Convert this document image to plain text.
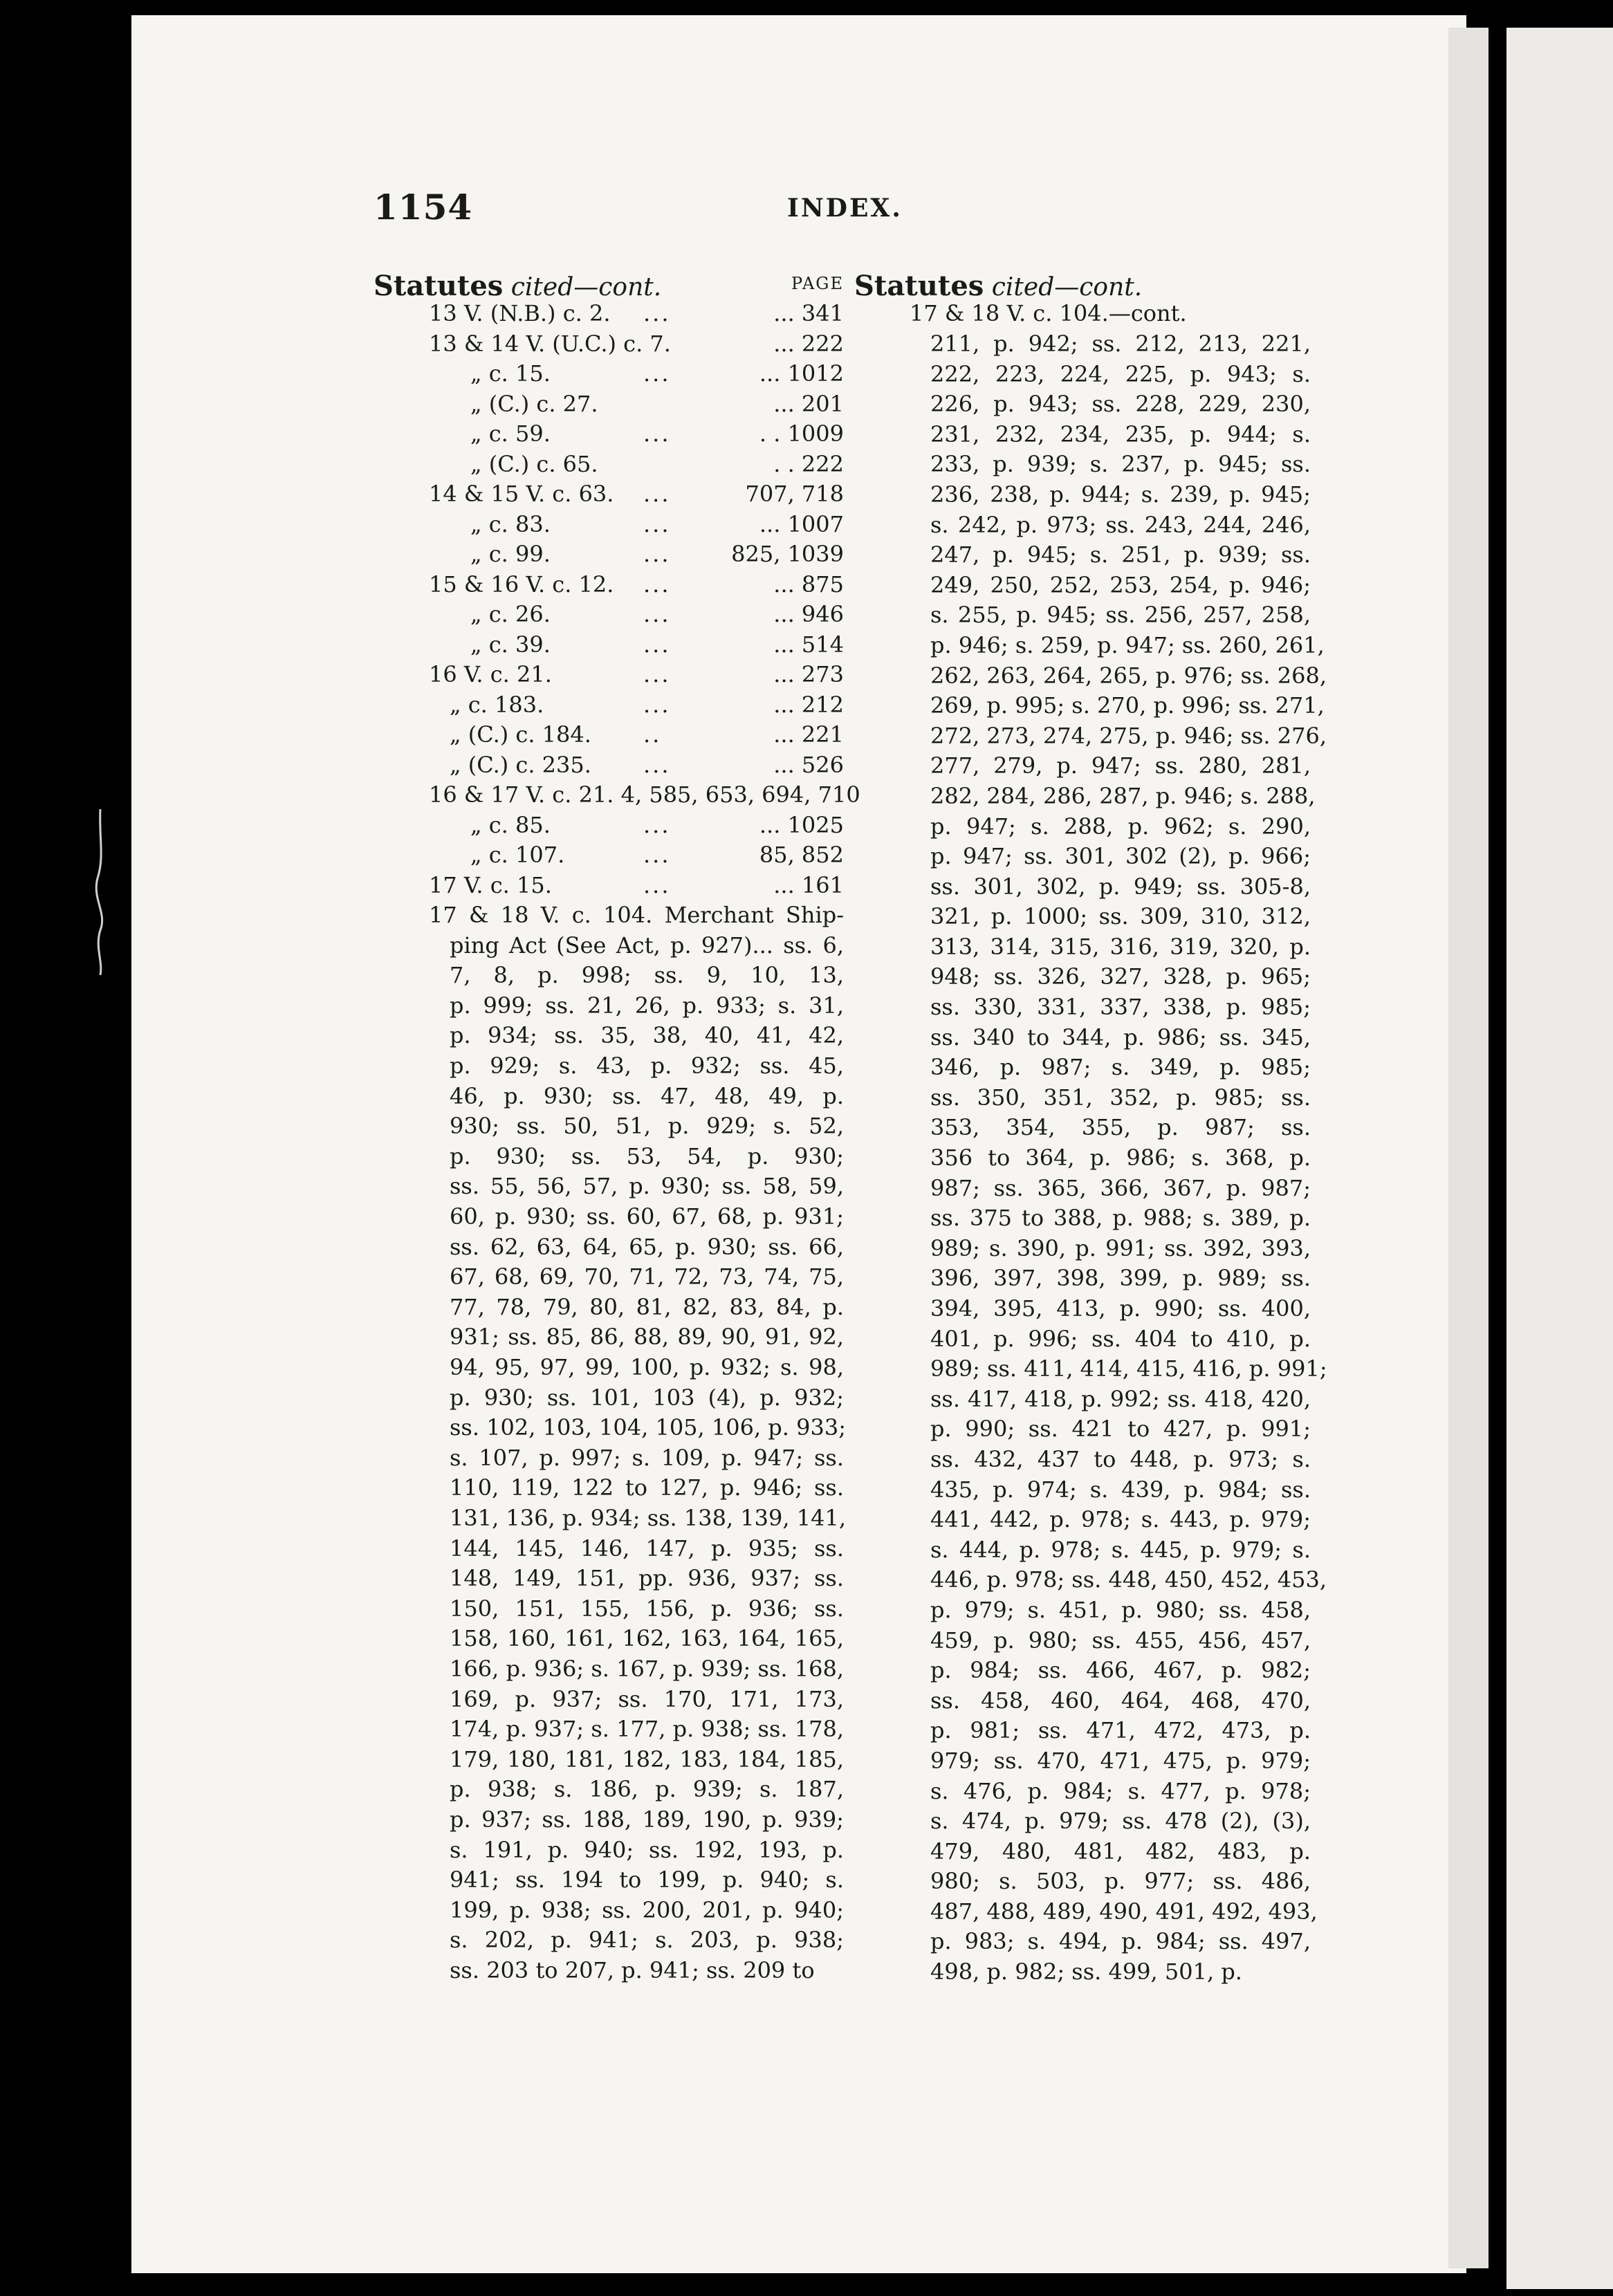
1154	INDEX.
Statutes cited—cont.	PAGE
13 V. (N.B.) c. 2. ...	... 341
13 & 14 V. (U.C.) c. 7.	... 222
„ c. 15.	...	... 1012
„ (C.) c. 27.	... 201
„ c. 59.	...	. . 1009
„ (C.) c. 65.	. . 222
14 & 15 V. c. 63. ...	707, 718
„ c. 83.	...	... 1007
„ c. 99.	...	825, 1039
15 & 16 V. c. 12. ...	... 875
„ c. 26.	...	... 946
„ c. 39.	...	... 514
16 V. c. 21.	...	... 273
„ c. 183.	...	... 212
„ (C.) c. 184. ..	... 221
„ (C.) c. 235. ...	... 526
16 & 17 V. c. 21. 4, 585, 653, 694, 710
„ c. 85.	...	... 1025
„ c. 107.	...	85, 852
17 V. c. 15.	...	... 161
17 & 18 V. c. 104. Merchant Ship-
ping Act (See Act, p. 927)... ss. 6,
7, 8, p. 998; ss. 9, 10, 13,
p. 999; ss. 21, 26, p. 933; s. 31,
p. 934; ss. 35, 38, 40, 41, 42,
p. 929; s. 43, p. 932; ss. 45,
46, p. 930; ss. 47, 48, 49, p.
930; ss. 50, 51, p. 929; s. 52,
p. 930; ss. 53, 54, p. 930;
ss. 55, 56, 57, p. 930; ss. 58, 59,
60, p. 930; ss. 60, 67, 68, p. 931;
ss. 62, 63, 64, 65, p. 930; ss. 66,
67, 68, 69, 70, 71, 72, 73, 74, 75,
77, 78, 79, 80, 81, 82, 83, 84, p.
931; ss. 85, 86, 88, 89, 90, 91, 92,
94, 95, 97, 99, 100, p. 932; s. 98,
p. 930; ss. 101, 103 (4), p. 932;
ss. 102, 103, 104, 105, 106, p. 933;
s. 107, p. 997; s. 109, p. 947; ss.
110, 119, 122 to 127, p. 946; ss.
131, 136, p. 934; ss. 138, 139, 141,
144, 145, 146, 147, p. 935; ss.
148, 149, 151, pp. 936, 937; ss.
150, 151, 155, 156, p. 936; ss.
158, 160, 161, 162, 163, 164, 165,
166, p. 936; s. 167, p. 939; ss. 168,
169, p. 937; ss. 170, 171, 173,
174, p. 937; s. 177, p. 938; ss. 178,
179, 180, 181, 182, 183, 184, 185,
p. 938; s. 186, p. 939; s. 187,
p. 937; ss. 188, 189, 190, p. 939;
s. 191, p. 940; ss. 192, 193, p.
941; ss. 194 to 199, p. 940; s.
199, p. 938; ss. 200, 201, p. 940;
s. 202, p. 941; s. 203, p. 938;
ss. 203 to 207, p. 941; ss. 209 to
Statutes cited—cont.
17 & 18 V. c. 104.—cont.
211, p. 942; ss. 212, 213, 221,
222, 223, 224, 225, p. 943; s.
226, p. 943; ss. 228, 229, 230,
231, 232, 234, 235, p. 944; s.
233, p. 939; s. 237, p. 945; ss.
236, 238, p. 944; s. 239, p. 945;
s. 242, p. 973; ss. 243, 244, 246,
247, p. 945; s. 251, p. 939; ss.
249, 250, 252, 253, 254, p. 946;
s. 255, p. 945; ss. 256, 257, 258,
p. 946; s. 259, p. 947; ss. 260, 261,
262, 263, 264, 265, p. 976; ss. 268,
269, p. 995; s. 270, p. 996; ss. 271,
272, 273, 274, 275, p. 946; ss. 276,
277, 279, p. 947; ss. 280, 281,
282, 284, 286, 287, p. 946; s. 288,
p. 947; s. 288, p. 962; s. 290,
p. 947; ss. 301, 302 (2), p. 966;
ss. 301, 302, p. 949; ss. 305-8,
321, p. 1000; ss. 309, 310, 312,
313, 314, 315, 316, 319, 320, p.
948; ss. 326, 327, 328, p. 965;
ss. 330, 331, 337, 338, p. 985;
ss. 340 to 344, p. 986; ss. 345,
346, p. 987; s. 349, p. 985;
ss. 350, 351, 352, p. 985; ss.
353, 354, 355, p. 987; ss.
356 to 364, p. 986; s. 368, p.
987; ss. 365, 366, 367, p. 987;
ss. 375 to 388, p. 988; s. 389, p.
989; s. 390, p. 991; ss. 392, 393,
396, 397, 398, 399, p. 989; ss.
394, 395, 413, p. 990; ss. 400,
401, p. 996; ss. 404 to 410, p.
989; ss. 411, 414, 415, 416, p. 991;
ss. 417, 418, p. 992; ss. 418, 420,
p. 990; ss. 421 to 427, p. 991;
ss. 432, 437 to 448, p. 973; s.
435, p. 974; s. 439, p. 984; ss.
441, 442, p. 978; s. 443, p. 979;
s. 444, p. 978; s. 445, p. 979; s.
446, p. 978; ss. 448, 450, 452, 453,
p. 979; s. 451, p. 980; ss. 458,
459, p. 980; ss. 455, 456, 457,
p. 984; ss. 466, 467, p. 982;
ss. 458, 460, 464, 468, 470,
p. 981; ss. 471, 472, 473, p.
979; ss. 470, 471, 475, p. 979;
s. 476, p. 984; s. 477, p. 978;
s. 474, p. 979; ss. 478 (2), (3),
479, 480, 481, 482, 483, p.
980; s. 503, p. 977; ss. 486,
487, 488, 489, 490, 491, 492, 493,
p. 983; s. 494, p. 984; ss. 497,
498, p. 982; ss. 499, 501, p.
